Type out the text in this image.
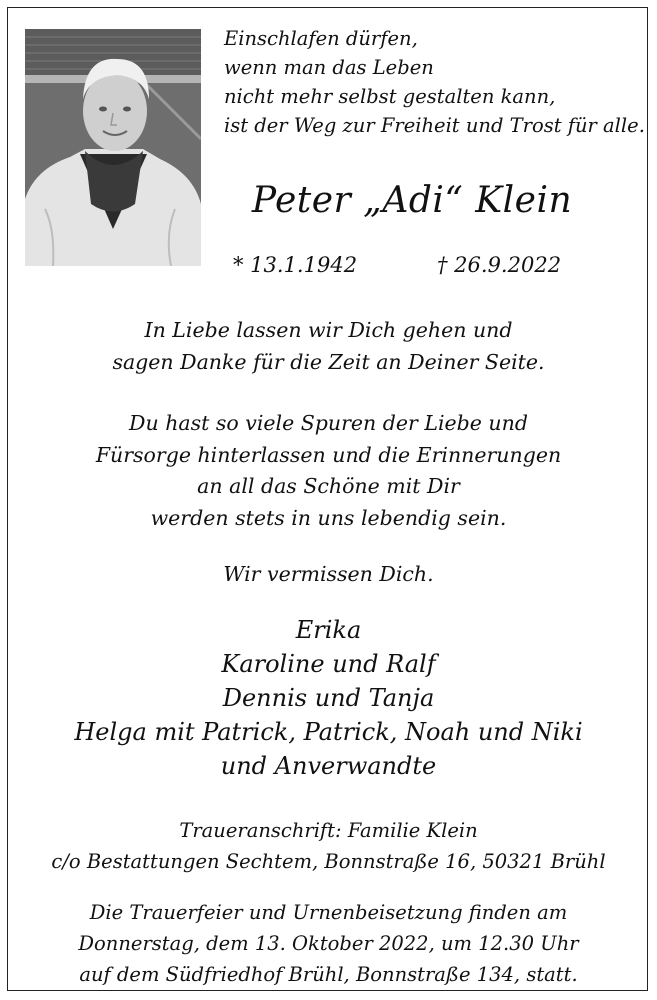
Einschlafen dürfen,
wenn man das Leben
nicht mehr selbst gestalten kann,
ist der Weg zur Freiheit und Trost für alle.
Peter „Adi“ Klein
* 13.1.1942	† 26.9.2022
In Liebe lassen wir Dich gehen und
sagen Danke für die Zeit an Deiner Seite.
Du hast so viele Spuren der Liebe und
Fürsorge hinterlassen und die Erinnerungen
an all das Schöne mit Dir
werden stets in uns lebendig sein.
Wir vermissen Dich.
Erika
Karoline und Ralf
Dennis und Tanja
Helga mit Patrick, Patrick, Noah und Niki
und Anverwandte
Traueranschrift: Familie Klein
c/o Bestattungen Sechtem, Bonnstraße 16, 50321 Brühl
Die Trauerfeier und Urnenbeisetzung finden am
Donnerstag, dem 13. Oktober 2022, um 12.30 Uhr
auf dem Südfriedhof Brühl, Bonnstraße 134, statt.
